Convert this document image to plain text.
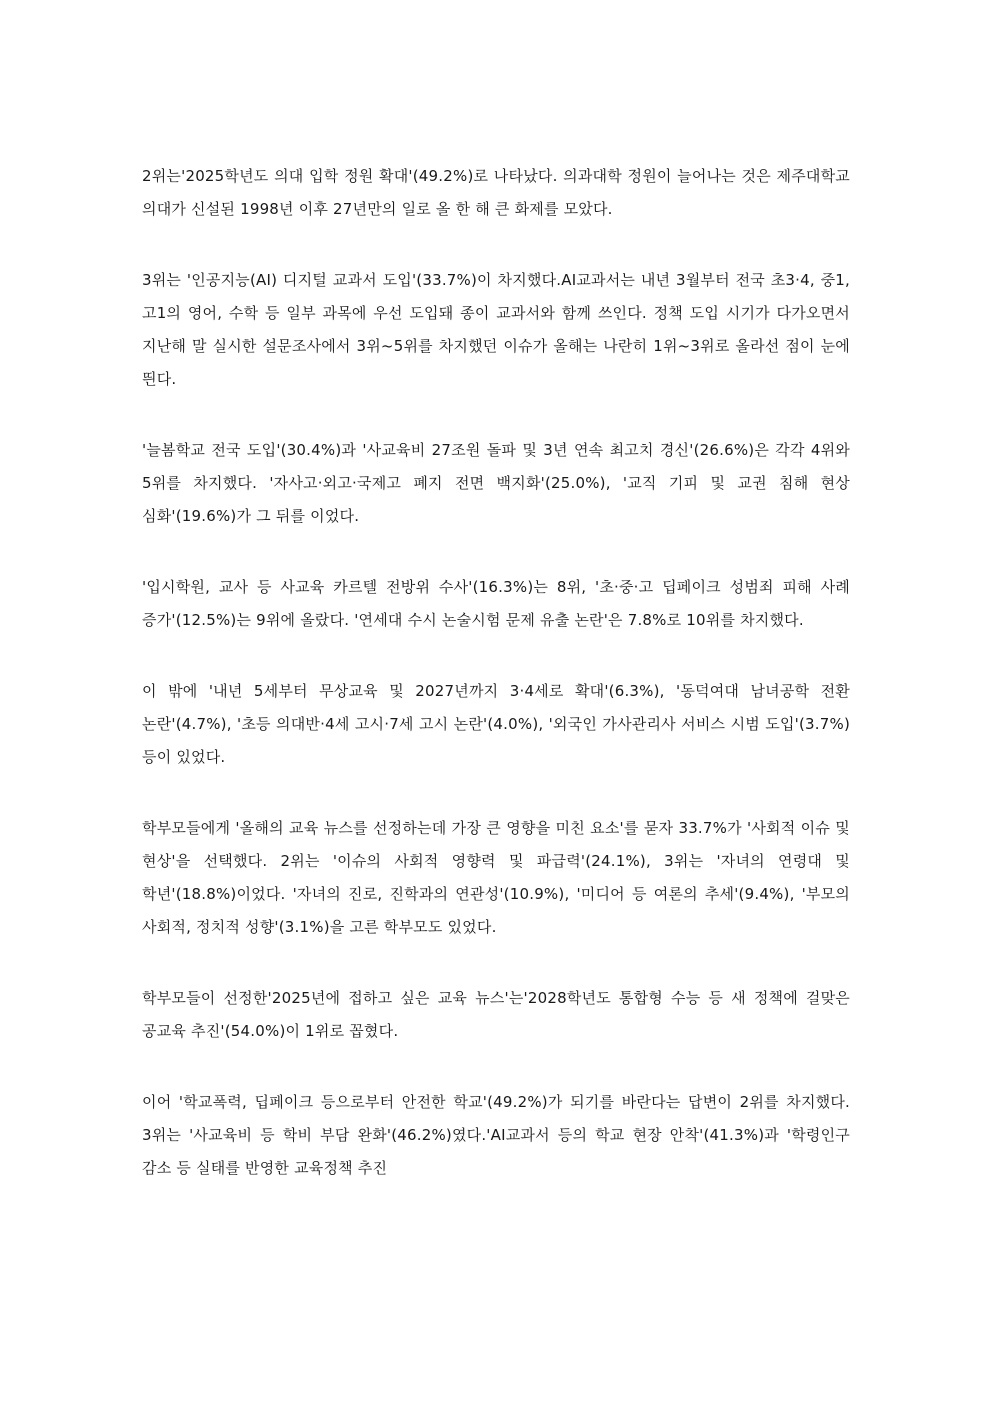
2위는'2025학년도 의대 입학 정원 확대'(49.2%)로 나타났다. 의과대학 정원이 늘어나는 것은 제주대학교 의대가 신설된 1998년 이후 27년만의 일로 올 한 해 큰 화제를 모았다.

3위는 '인공지능(AI) 디지털 교과서 도입'(33.7%)이 차지했다.AI교과서는 내년 3월부터 전국 초3·4, 중1, 고1의 영어, 수학 등 일부 과목에 우선 도입돼 종이 교과서와 함께 쓰인다. 정책 도입 시기가 다가오면서 지난해 말 실시한 설문조사에서 3위~5위를 차지했던 이슈가 올해는 나란히 1위~3위로 올라선 점이 눈에 띈다.

'늘봄학교 전국 도입'(30.4%)과 '사교육비 27조원 돌파 및 3년 연속 최고치 경신'(26.6%)은 각각 4위와 5위를 차지했다. '자사고·외고·국제고 폐지 전면 백지화'(25.0%), '교직 기피 및 교권 침해 현상 심화'(19.6%)가 그 뒤를 이었다.

'입시학원, 교사 등 사교육 카르텔 전방위 수사'(16.3%)는 8위, '초·중·고 딥페이크 성범죄 피해 사례 증가'(12.5%)는 9위에 올랐다. '연세대 수시 논술시험 문제 유출 논란'은 7.8%로 10위를 차지했다.

이 밖에 '내년 5세부터 무상교육 및 2027년까지 3·4세로 확대'(6.3%), '동덕여대 남녀공학 전환 논란'(4.7%), '초등 의대반·4세 고시·7세 고시 논란'(4.0%), '외국인 가사관리사 서비스 시범 도입'(3.7%) 등이 있었다.

학부모들에게 '올해의 교육 뉴스를 선정하는데 가장 큰 영향을 미친 요소'를 묻자 33.7%가 '사회적 이슈 및 현상'을 선택했다. 2위는 '이슈의 사회적 영향력 및 파급력'(24.1%), 3위는 '자녀의 연령대 및 학년'(18.8%)이었다. '자녀의 진로, 진학과의 연관성'(10.9%), '미디어 등 여론의 추세'(9.4%), '부모의 사회적, 정치적 성향'(3.1%)을 고른 학부모도 있었다.

학부모들이 선정한'2025년에 접하고 싶은 교육 뉴스'는'2028학년도 통합형 수능 등 새 정책에 걸맞은 공교육 추진'(54.0%)이 1위로 꼽혔다.

이어 '학교폭력, 딥페이크 등으로부터 안전한 학교'(49.2%)가 되기를 바란다는 답변이 2위를 차지했다. 3위는 '사교육비 등 학비 부담 완화'(46.2%)였다.'AI교과서 등의 학교 현장 안착'(41.3%)과 '학령인구 감소 등 실태를 반영한 교육정책 추진
